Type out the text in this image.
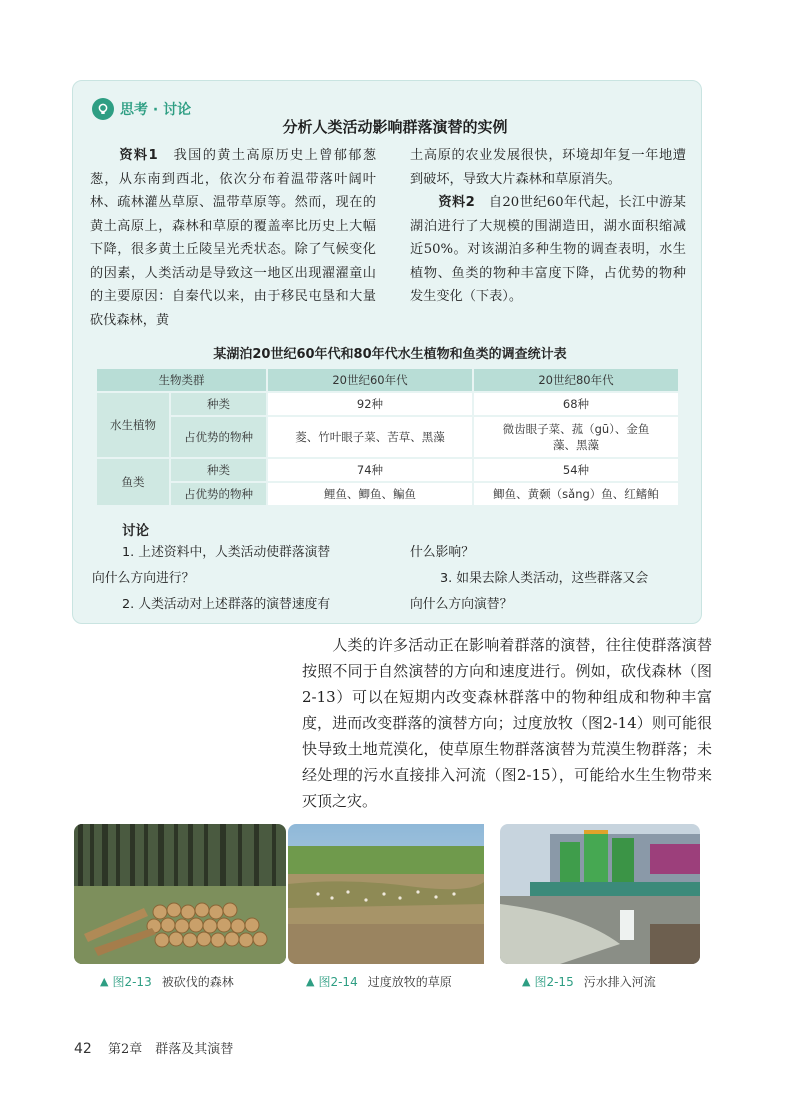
思考 · 讨论
分析人类活动影响群落演替的实例
资料1　 我国的黄土高原历史上曾郁郁葱葱，从东南到西北，依次分布着温带落叶阔叶林、疏林灌丛草原、温带草原等。然而，现在的黄土高原上，森林和草原的覆盖率比历史上大幅下降，很多黄土丘陵呈光秃状态。除了气候变化的因素，人类活动是导致这一地区出现濯濯童山的主要原因：自秦代以来，由于移民屯垦和大量砍伐森林，黄
土高原的农业发展很快，环境却年复一年地遭到破坏，导致大片森林和草原消失。
资料2　 自20世纪60年代起，长江中游某湖泊进行了大规模的围湖造田，湖水面积缩减近50%。对该湖泊多种生物的调查表明，水生植物、鱼类的物种丰富度下降，占优势的物种发生变化（下表）。
某湖泊20世纪60年代和80年代水生植物和鱼类的调查统计表
生物类群		20世纪60年代	20世纪80年代
水生植物	种类	92种	68种
	占优势的物种	菱、竹叶眼子菜、苦草、黑藻	微齿眼子菜、菰（gū）、金鱼藻、黑藻
鱼类	种类	74种	54种
	占优势的物种	鲤鱼、鲫鱼、鳊鱼	鲫鱼、黄颡（sǎng）鱼、红鳍鲌
讨论
1. 上述资料中，人类活动使群落演替
向什么方向进行？
2. 人类活动对上述群落的演替速度有
什么影响？
3. 如果去除人类活动，这些群落又会
向什么方向演替？
人类的许多活动正在影响着群落的演替，往往使群落演替按照不同于自然演替的方向和速度进行。例如，砍伐森林（图2-13）可以在短期内改变森林群落中的物种组成和物种丰富度，进而改变群落的演替方向；过度放牧（图2-14）则可能很快导致土地荒漠化，使草原生物群落演替为荒漠生物群落；未经处理的污水直接排入河流（图2-15），可能给水生生物带来灭顶之灾。
▲ 图2-13 被砍伐的森林	▲ 图2-14 过度放牧的草原	▲ 图2-15 污水排入河流
42 第2章　群落及其演替
